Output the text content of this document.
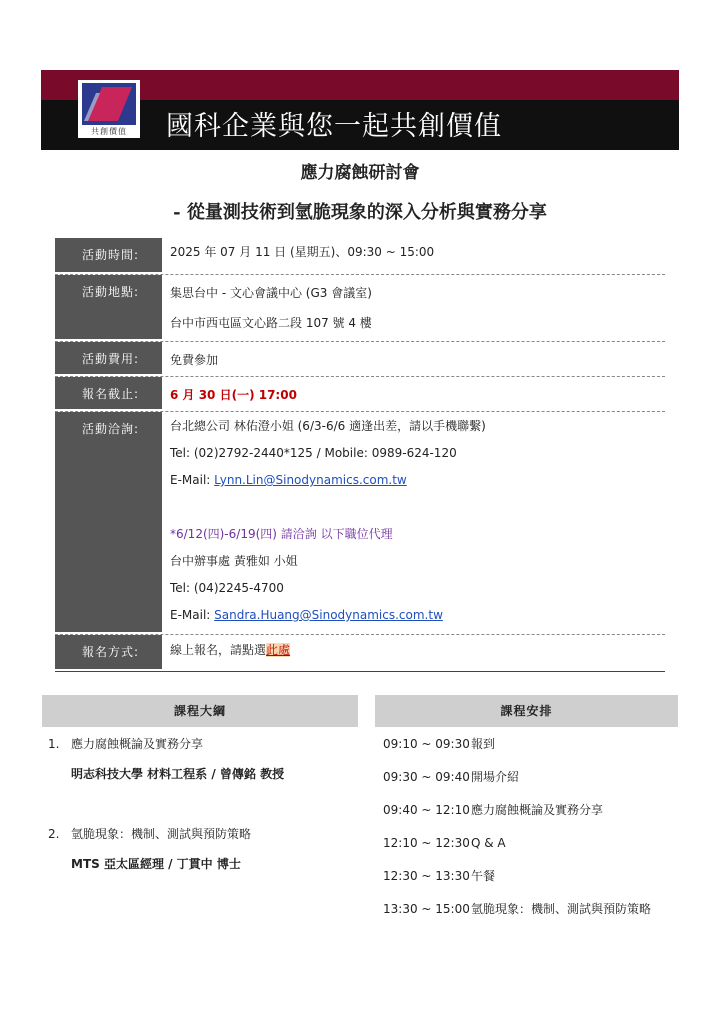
共創價值	國科企業與您一起共創價值
應力腐蝕研討會
- 從量測技術到氫脆現象的深入分析與實務分享
活動時間:	2025 年 07 月 11 日 (星期五)、09:30 ~ 15:00
活動地點:	集思台中 - 文心會議中心 (G3 會議室)
台中市西屯區文心路二段 107 號 4 樓
活動費用:	免費參加
報名截止:	6 月 30 日(一) 17:00
活動洽詢:	台北總公司 林佑澄小姐 (6/3-6/6 適逢出差，請以手機聯繫)
Tel: (02)2792-2440*125 / Mobile: 0989-624-120
E-Mail: Lynn.Lin@Sinodynamics.com.tw
*6/12(四)-6/19(四) 請洽詢 以下職位代理
台中辦事處 黃雅如 小姐
Tel: (04)2245-4700
E-Mail: Sandra.Huang@Sinodynamics.com.tw
報名方式:	線上報名，請點選此處
課程大綱	課程安排
1. 應力腐蝕概論及實務分享
明志科技大學 材料工程系 / 曾傳銘 教授
2. 氫脆現象：機制、測試與預防策略
MTS 亞太區經理 / 丁貫中 博士
09:10 ~ 09:30 報到
09:30 ~ 09:40 開場介紹
09:40 ~ 12:10 應力腐蝕概論及實務分享
12:10 ~ 12:30 Q & A
12:30 ~ 13:30 午餐
13:30 ~ 15:00 氫脆現象：機制、測試與預防策略
